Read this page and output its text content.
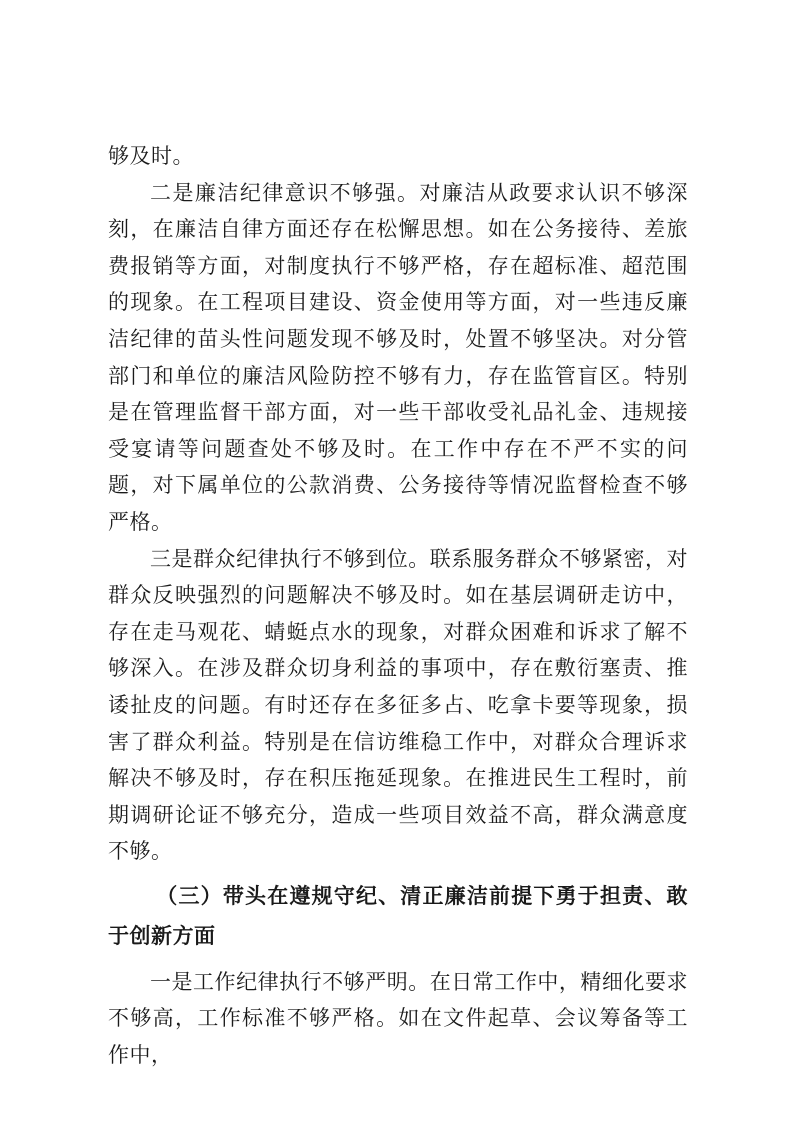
够及时。

二是廉洁纪律意识不够强。对廉洁从政要求认识不够深刻，在廉洁自律方面还存在松懈思想。如在公务接待、差旅费报销等方面，对制度执行不够严格，存在超标准、超范围的现象。在工程项目建设、资金使用等方面，对一些违反廉洁纪律的苗头性问题发现不够及时，处置不够坚决。对分管部门和单位的廉洁风险防控不够有力，存在监管盲区。特别是在管理监督干部方面，对一些干部收受礼品礼金、违规接受宴请等问题查处不够及时。在工作中存在不严不实的问题，对下属单位的公款消费、公务接待等情况监督检查不够严格。

三是群众纪律执行不够到位。联系服务群众不够紧密，对群众反映强烈的问题解决不够及时。如在基层调研走访中，存在走马观花、蜻蜓点水的现象，对群众困难和诉求了解不够深入。在涉及群众切身利益的事项中，存在敷衍塞责、推诿扯皮的问题。有时还存在多征多占、吃拿卡要等现象，损害了群众利益。特别是在信访维稳工作中，对群众合理诉求解决不够及时，存在积压拖延现象。在推进民生工程时，前期调研论证不够充分，造成一些项目效益不高，群众满意度不够。

（三）带头在遵规守纪、清正廉洁前提下勇于担责、敢于创新方面

一是工作纪律执行不够严明。在日常工作中，精细化要求不够高，工作标准不够严格。如在文件起草、会议筹备等工作中，
